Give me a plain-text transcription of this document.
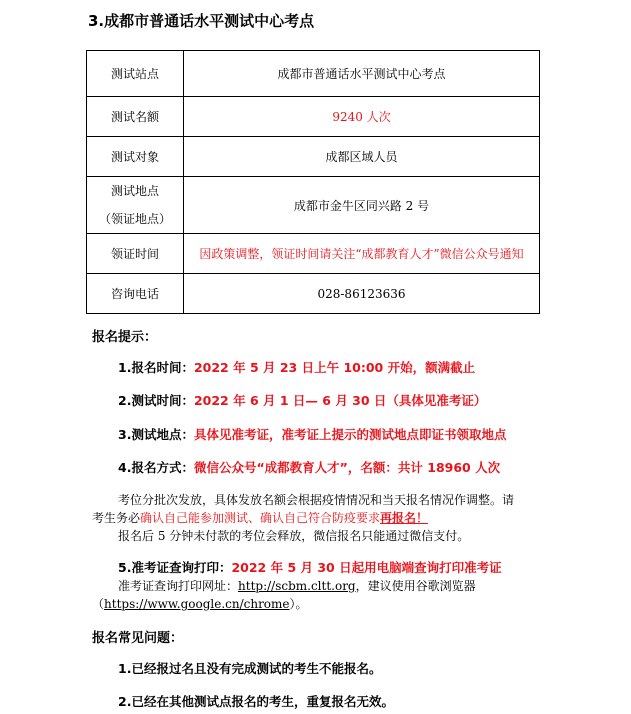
3.成都市普通话水平测试中心考点
测试站点	成都市普通话水平测试中心考点
测试名额	9240 人次
测试对象	成都区域人员

测试地点
（领证地点）	成都市金牛区同兴路 2 号
领证时间	因政策调整，领证时间请关注“成都教育人才”微信公众号通知
咨询电话	028-86123636
报名提示：
1.报名时间：2022 年 5 月 23 日上午 10:00 开始，额满截止
2.测试时间：2022 年 6 月 1 日— 6 月 30 日（具体见准考证）
3.测试地点：具体见准考证，准考证上提示的测试地点即证书领取地点
4.报名方式：微信公众号“成都教育人才”，名额：共计 18960 人次
考位分批次发放，具体发放名额会根据疫情情况和当天报名情况作调整。请
考生务必确认自己能参加测试、确认自己符合防疫要求再报名！
报名后 5 分钟未付款的考位会释放，微信报名只能通过微信支付。
5.准考证查询打印：2022 年 5 月 30 日起用电脑端查询打印准考证
准考证查询打印网址：http://scbm.cltt.org，建议使用谷歌浏览器
（https://www.google.cn/chrome）。
报名常见问题：
1.已经报过名且没有完成测试的考生不能报名。
2.已经在其他测试点报名的考生，重复报名无效。
